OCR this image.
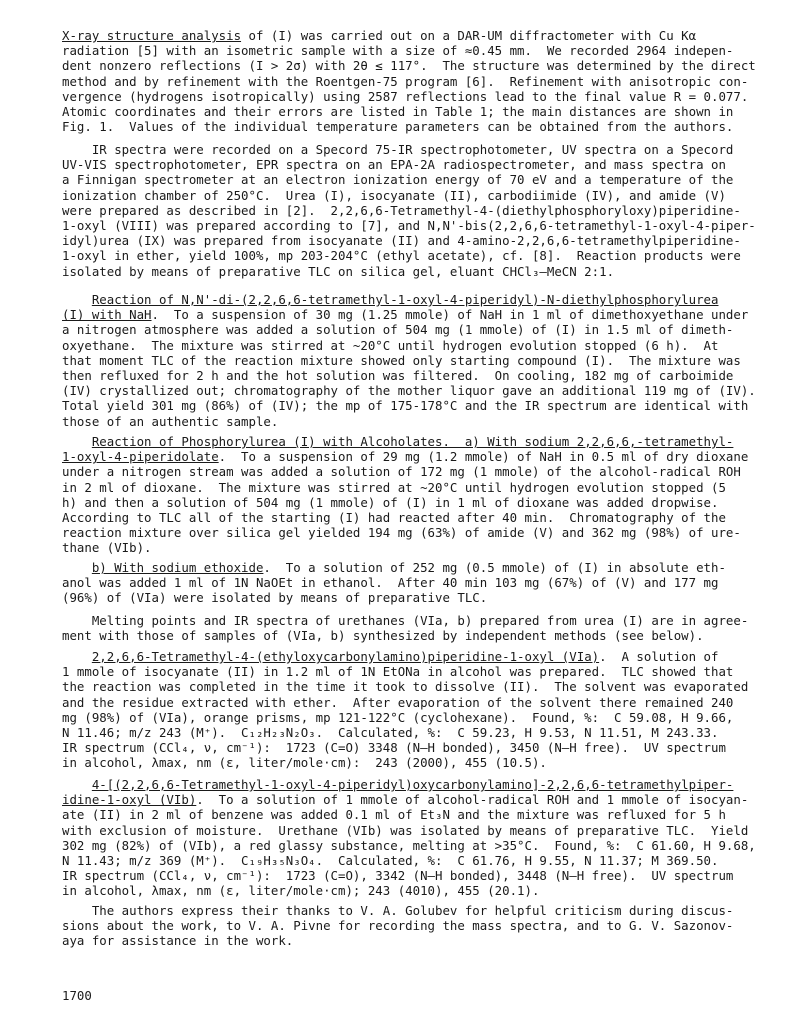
X-ray structure analysis of (I) was carried out on a DAR-UM diffractometer with Cu Kα
radiation [5] with an isometric sample with a size of ≈0.45 mm.  We recorded 2964 indepen-
dent nonzero reflections (I > 2σ) with 2θ ≤ 117°.  The structure was determined by the direct
method and by refinement with the Roentgen-75 program [6].  Refinement with anisotropic con-
vergence (hydrogens isotropically) using 2587 reflections lead to the final value R = 0.077.
Atomic coordinates and their errors are listed in Table 1; the main distances are shown in
Fig. 1.  Values of the individual temperature parameters can be obtained from the authors.
IR spectra were recorded on a Specord 75-IR spectrophotometer, UV spectra on a Specord
UV-VIS spectrophotometer, EPR spectra on an EPA-2A radiospectrometer, and mass spectra on
a Finnigan spectrometer at an electron ionization energy of 70 eV and a temperature of the
ionization chamber of 250°C.  Urea (I), isocyanate (II), carbodiimide (IV), and amide (V)
were prepared as described in [2].  2,2,6,6-Tetramethyl-4-(diethylphosphoryloxy)piperidine-
1-oxyl (VIII) was prepared according to [7], and N,N'-bis(2,2,6,6-tetramethyl-1-oxyl-4-piper-
idyl)urea (IX) was prepared from isocyanate (II) and 4-amino-2,2,6,6-tetramethylpiperidine-
1-oxyl in ether, yield 100%, mp 203-204°C (ethyl acetate), cf. [8].  Reaction products were
isolated by means of preparative TLC on silica gel, eluant CHCl₃–MeCN 2:1.
Reaction of N,N'-di-(2,2,6,6-tetramethyl-1-oxyl-4-piperidyl)-N-diethylphosphorylurea
(I) with NaH.  To a suspension of 30 mg (1.25 mmole) of NaH in 1 ml of dimethoxyethane under
a nitrogen atmosphere was added a solution of 504 mg (1 mmole) of (I) in 1.5 ml of dimeth-
oxyethane.  The mixture was stirred at ~20°C until hydrogen evolution stopped (6 h).  At
that moment TLC of the reaction mixture showed only starting compound (I).  The mixture was
then refluxed for 2 h and the hot solution was filtered.  On cooling, 182 mg of carboimide
(IV) crystallized out; chromatography of the mother liquor gave an additional 119 mg of (IV).
Total yield 301 mg (86%) of (IV); the mp of 175-178°C and the IR spectrum are identical with
those of an authentic sample.
Reaction of Phosphorylurea (I) with Alcoholates.  a) With sodium 2,2,6,6,-tetramethyl-
1-oxyl-4-piperidolate.  To a suspension of 29 mg (1.2 mmole) of NaH in 0.5 ml of dry dioxane
under a nitrogen stream was added a solution of 172 mg (1 mmole) of the alcohol-radical ROH
in 2 ml of dioxane.  The mixture was stirred at ~20°C until hydrogen evolution stopped (5
h) and then a solution of 504 mg (1 mmole) of (I) in 1 ml of dioxane was added dropwise.
According to TLC all of the starting (I) had reacted after 40 min.  Chromatography of the
reaction mixture over silica gel yielded 194 mg (63%) of amide (V) and 362 mg (98%) of ure-
thane (VIb).
b) With sodium ethoxide.  To a solution of 252 mg (0.5 mmole) of (I) in absolute eth-
anol was added 1 ml of 1N NaOEt in ethanol.  After 40 min 103 mg (67%) of (V) and 177 mg
(96%) of (VIa) were isolated by means of preparative TLC.
Melting points and IR spectra of urethanes (VIa, b) prepared from urea (I) are in agree-
ment with those of samples of (VIa, b) synthesized by independent methods (see below).
2,2,6,6-Tetramethyl-4-(ethyloxycarbonylamino)piperidine-1-oxyl (VIa).  A solution of
1 mmole of isocyanate (II) in 1.2 ml of 1N EtONa in alcohol was prepared.  TLC showed that
the reaction was completed in the time it took to dissolve (II).  The solvent was evaporated
and the residue extracted with ether.  After evaporation of the solvent there remained 240
mg (98%) of (VIa), orange prisms, mp 121-122°C (cyclohexane).  Found, %:  C 59.08, H 9.66,
N 11.46; m/z 243 (M⁺).  C₁₂H₂₃N₂O₃.  Calculated, %:  C 59.23, H 9.53, N 11.51, M 243.33.
IR spectrum (CCl₄, ν, cm⁻¹):  1723 (C=O) 3348 (N–H bonded), 3450 (N–H free).  UV spectrum
in alcohol, λmax, nm (ε, liter/mole·cm):  243 (2000), 455 (10.5).
4-[(2,2,6,6-Tetramethyl-1-oxyl-4-piperidyl)oxycarbonylamino]-2,2,6,6-tetramethylpiper-
idine-1-oxyl (VIb).  To a solution of 1 mmole of alcohol-radical ROH and 1 mmole of isocyan-
ate (II) in 2 ml of benzene was added 0.1 ml of Et₃N and the mixture was refluxed for 5 h
with exclusion of moisture.  Urethane (VIb) was isolated by means of preparative TLC.  Yield
302 mg (82%) of (VIb), a red glassy substance, melting at >35°C.  Found, %:  C 61.60, H 9.68,
N 11.43; m/z 369 (M⁺).  C₁₉H₃₅N₃O₄.  Calculated, %:  C 61.76, H 9.55, N 11.37; M 369.50.
IR spectrum (CCl₄, ν, cm⁻¹):  1723 (C=O), 3342 (N–H bonded), 3448 (N–H free).  UV spectrum
in alcohol, λmax, nm (ε, liter/mole·cm); 243 (4010), 455 (20.1).
The authors express their thanks to V. A. Golubev for helpful criticism during discus-
sions about the work, to V. A. Pivne for recording the mass spectra, and to G. V. Sazonov-
aya for assistance in the work.
1700
